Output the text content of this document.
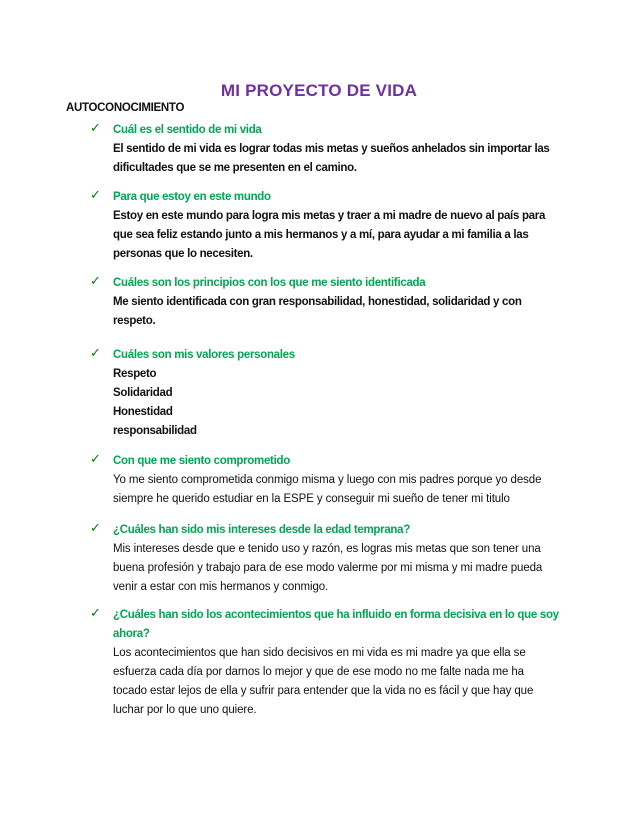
MI PROYECTO DE VIDA
AUTOCONOCIMIENTO
✓ Cuál es el sentido de mi vida
El sentido de mi vida es lograr todas mis metas y sueños anhelados sin importar las
dificultades que se me presenten en el camino.
✓ Para que estoy en este mundo
Estoy en este mundo para logra mis metas y traer a mi madre de nuevo al país para
que sea feliz estando junto a mis hermanos y a mí, para ayudar a mi familia a las
personas que lo necesiten.
✓ Cuáles son los principios con los que me siento identificada
Me siento identificada con gran responsabilidad, honestidad, solidaridad y con
respeto.
✓ Cuáles son mis valores personales
Respeto
Solidaridad
Honestidad
responsabilidad
✓ Con que me siento comprometido
Yo me siento comprometida conmigo misma y luego con mis padres porque yo desde
siempre he querido estudiar en la ESPE y conseguir mi sueño de tener mi titulo
✓ ¿Cuáles han sido mis intereses desde la edad temprana?
Mis intereses desde que e tenido uso y razón, es logras mis metas que son tener una
buena profesión y trabajo para de ese modo valerme por mi misma y mi madre pueda
venir a estar con mis hermanos y conmigo.
✓ ¿Cuáles han sido los acontecimientos que ha influido en forma decisiva en lo que soy
ahora?
Los acontecimientos que han sido decisivos en mi vida es mi madre ya que ella se
esfuerza cada día por darnos lo mejor y que de ese modo no me falte nada me ha
tocado estar lejos de ella y sufrir para entender que la vida no es fácil y que hay que
luchar por lo que uno quiere.
